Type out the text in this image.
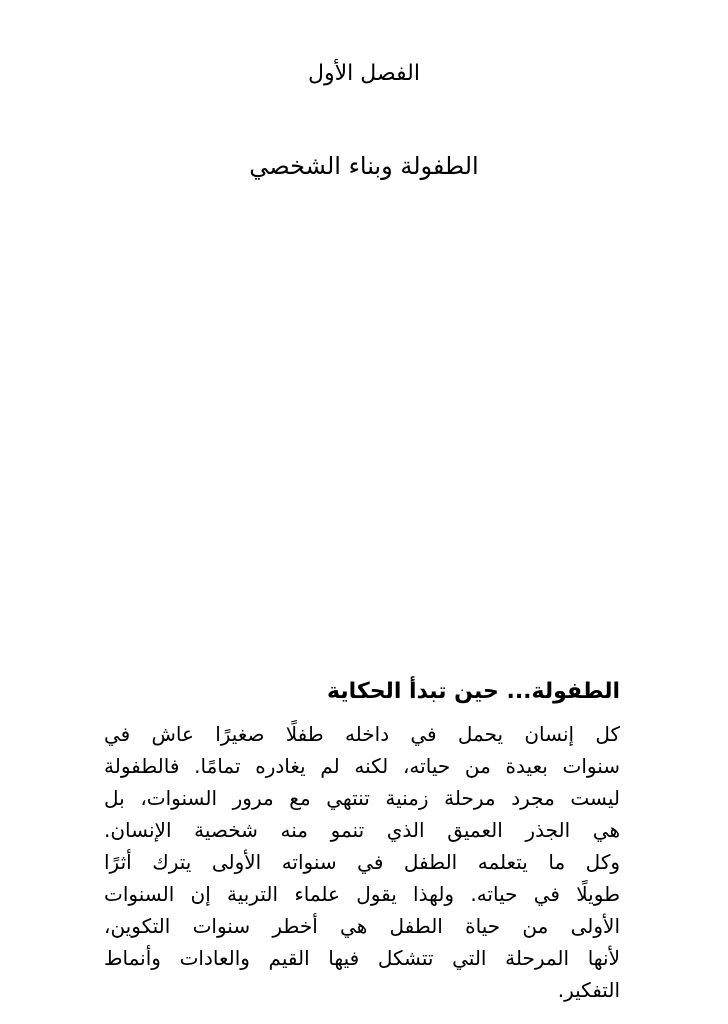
الفصل الأول
الطفولة وبناء الشخصي
الطفولة... حين تبدأ الحكاية
كل إنسان يحمل في داخله طفلًا صغيرًا عاش في
سنوات بعيدة من حياته، لكنه لم يغادره تمامًا. فالطفولة
ليست مجرد مرحلة زمنية تنتهي مع مرور السنوات، بل
هي الجذر العميق الذي تنمو منه شخصية الإنسان.
وكل ما يتعلمه الطفل في سنواته الأولى يترك أثرًا
طويلًا في حياته. ولهذا يقول علماء التربية إن السنوات
الأولى من حياة الطفل هي أخطر سنوات التكوين،
لأنها المرحلة التي تتشكل فيها القيم والعادات وأنماط
التفكير.
